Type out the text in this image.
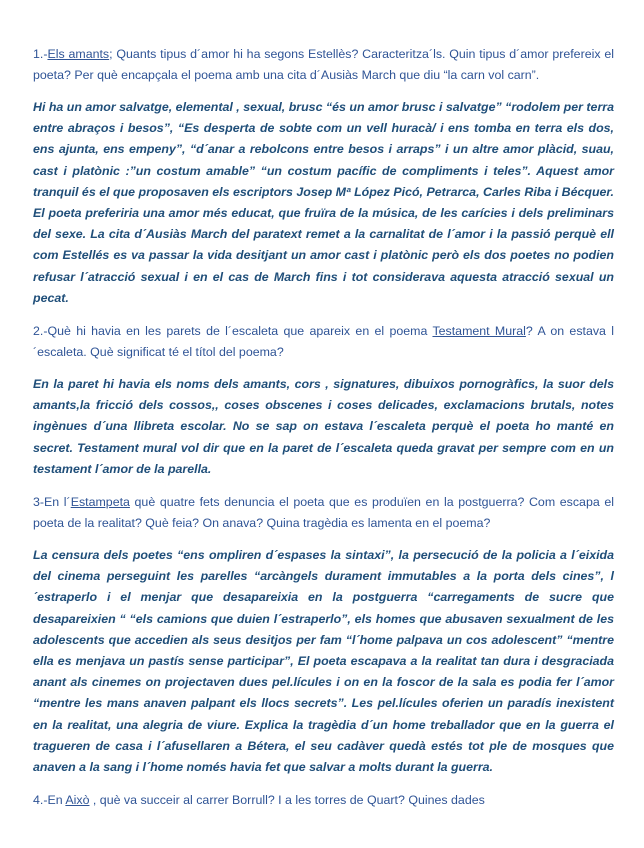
1.-Els amants; Quants tipus d´amor hi ha segons Estellès? Caracteritza´ls. Quin tipus d´amor prefereix el poeta? Per què encapçala el poema amb una cita d´Ausiàs March que diu “la carn vol carn”.

Hi ha un amor salvatge, elemental , sexual, brusc “és un amor brusc i salvatge” “rodolem per terra entre abraços i besos”, “Es desperta de sobte com un vell huracà/ i ens tomba en terra els dos, ens ajunta, ens empeny”, “d´anar a rebolcons entre besos i arraps” i un altre amor plàcid, suau, cast i platònic :”un costum amable” “un costum pacífic de compliments i teles”. Aquest amor tranquil és el que proposaven els escriptors Josep Mª López Picó, Petrarca, Carles Riba i Bécquer. El poeta preferiria una amor més educat, que fruïra de la música, de les carícies i dels preliminars del sexe. La cita d´Ausiàs March del paratext remet a la carnalitat de l´amor i la passió perquè ell com Estellés es va passar la vida desitjant un amor cast i platònic però els dos poetes no podien refusar l´atracció sexual i en el cas de March fins i tot considerava aquesta atracció sexual un pecat.

2.-Què hi havia en les parets de l´escaleta que apareix en el poema Testament Mural? A on estava l´escaleta. Què significat té el títol del poema?

En la paret hi havia els noms dels amants, cors , signatures, dibuixos pornogràfics, la suor dels amants,la fricció dels cossos,, coses obscenes i coses delicades, exclamacions brutals, notes ingènues d´una llibreta escolar. No se sap on estava l´escaleta perquè el poeta ho manté en secret. Testament mural vol dir que en la paret de l´escaleta queda gravat per sempre com en un testament l´amor de la parella.

3-En l´Estampeta què quatre fets denuncia el poeta que es produïen en la postguerra? Com escapa el poeta de la realitat? Què feia? On anava? Quina tragèdia es lamenta en el poema?

La censura dels poetes “ens ompliren d´espases la sintaxi”, la persecució de la policia a l´eixida del cinema perseguint les parelles “arcàngels durament immutables a la porta dels cines”, l´estraperlo i el menjar que desapareixia en la postguerra “carregaments de sucre que desapareixien “ “els camions que duien l´estraperlo”, els homes que abusaven sexualment de les adolescents que accedien als seus desitjos per fam “l´home palpava un cos adolescent” “mentre ella es menjava un pastís sense participar”, El poeta escapava a la realitat tan dura i desgraciada anant als cinemes on projectaven dues pel.lícules i on en la foscor de la sala es podia fer l´amor “mentre les mans anaven palpant els llocs secrets”. Les pel.lícules oferien un paradís inexistent en la realitat, una alegria de viure. Explica la tragèdia d´un home treballador que en la guerra el tragueren de casa i l´afusellaren a Bétera, el seu cadàver quedà estés tot ple de mosques que anaven a la sang i l´home només havia fet que salvar a molts durant la guerra.

4.-En Això , què va succeir al carrer Borrull? I a les torres de Quart? Quines dades
